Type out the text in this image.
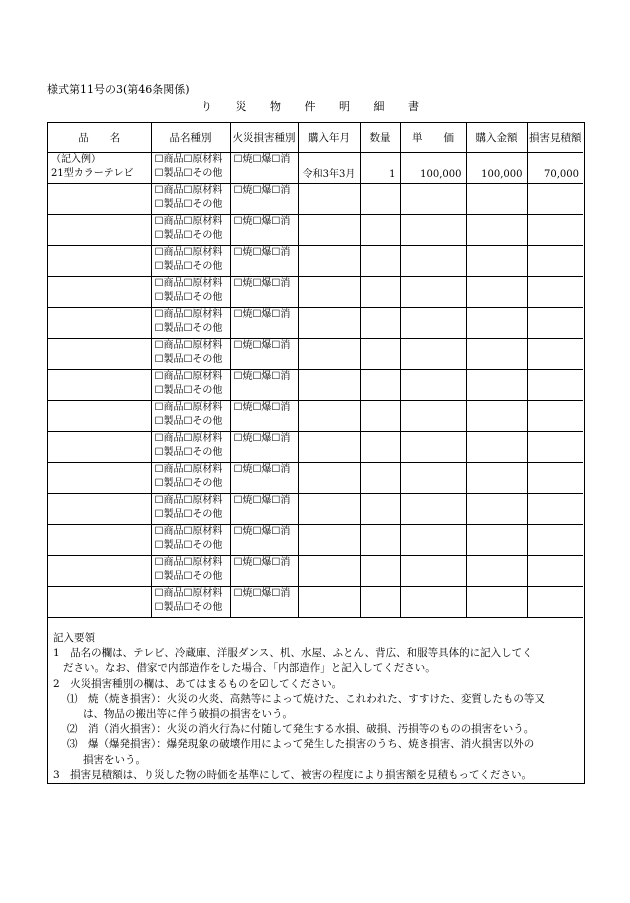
様式第11号の3(第46条関係)
り 災 物 件 明 細 書
品　　名	品名種別	火災損害種別	購入年月	数量	単　　価	購入金額	損害見積額

（記入例）
21型カラーテレビ	☐商品☐原材料
☐製品☐その他	☐焼☐爆☐消	令和3年3月	1	100,000	100,000	70,000

	☐商品☐原材料
☐製品☐その他	☐焼☐爆☐消					

	☐商品☐原材料
☐製品☐その他	☐焼☐爆☐消					

	☐商品☐原材料
☐製品☐その他	☐焼☐爆☐消					

	☐商品☐原材料
☐製品☐その他	☐焼☐爆☐消					

	☐商品☐原材料
☐製品☐その他	☐焼☐爆☐消					

	☐商品☐原材料
☐製品☐その他	☐焼☐爆☐消					

	☐商品☐原材料
☐製品☐その他	☐焼☐爆☐消					

	☐商品☐原材料
☐製品☐その他	☐焼☐爆☐消					

	☐商品☐原材料
☐製品☐その他	☐焼☐爆☐消					

	☐商品☐原材料
☐製品☐その他	☐焼☐爆☐消					

	☐商品☐原材料
☐製品☐その他	☐焼☐爆☐消					

	☐商品☐原材料
☐製品☐その他	☐焼☐爆☐消					

	☐商品☐原材料
☐製品☐その他	☐焼☐爆☐消					

	☐商品☐原材料
☐製品☐その他	☐焼☐爆☐消					

記入要領
1　品名の欄は、テレビ、冷蔵庫、洋服ダンス、机、水屋、ふとん、背広、和服等具体的に記入してく
ださい。なお、借家で内部造作をした場合、「内部造作」と記入してください。
2　火災損害種別の欄は、あてはまるものを☑してください。
⑴　焼（焼き損害）：火災の火炎、高熱等によって焼けた、これわれた、すすけた、変質したもの等又
は、物品の搬出等に伴う破損の損害をいう。
⑵　消（消火損害）：火災の消火行為に付随して発生する水損、破損、汚損等のものの損害をいう。
⑶　爆（爆発損害）：爆発現象の破壊作用によって発生した損害のうち、焼き損害、消火損害以外の
損害をいう。
3　損害見積額は、り災した物の時価を基準にして、被害の程度により損害額を見積もってください。
